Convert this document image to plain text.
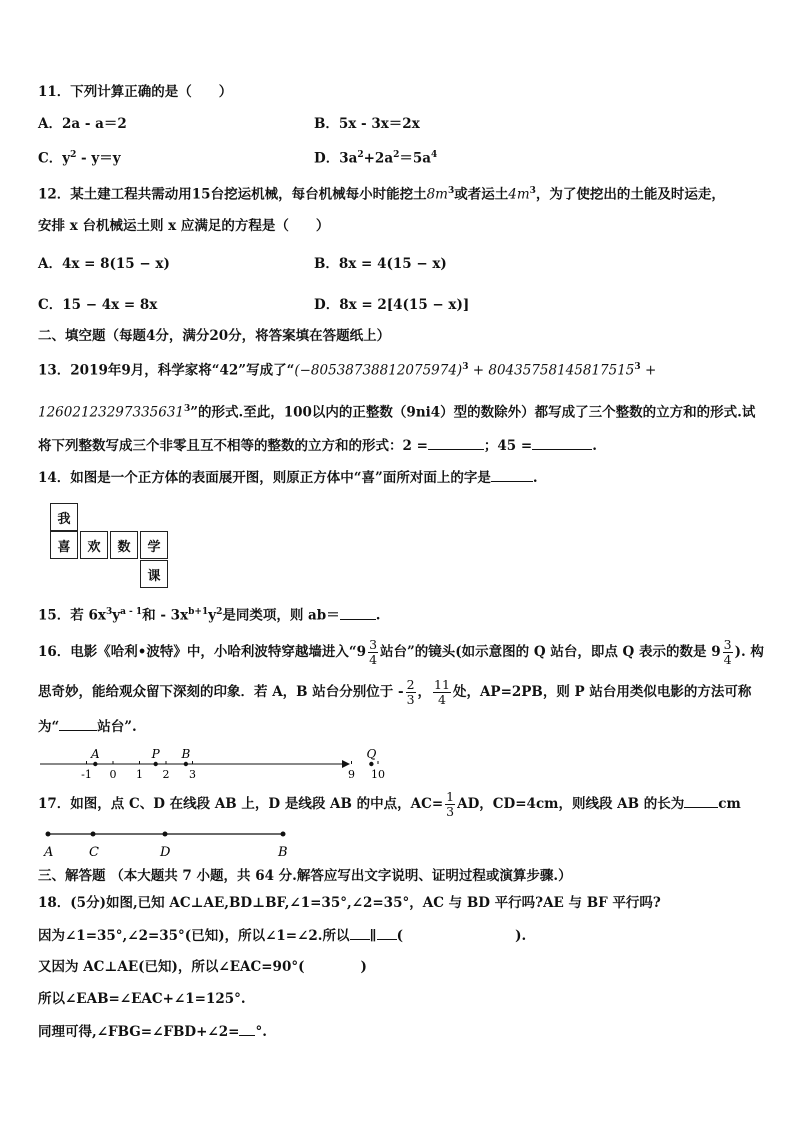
11．下列计算正确的是（　　）
A．2a - a＝2	B．5x - 3x＝2x
C．$y^2 - y=y$	D．$3a^2+2a^2=5a^4$
12．某土建工程共需动用15台挖运机械，每台机械每小时能挖土$8m^3$或者运土$4m^3$，为了使挖出的土能及时运走，
安排 x 台机械运土则 x 应满足的方程是（　　）
A．4x = 8(15 − x)	B．8x = 4(15 − x)
C．15 − 4x = 8x	D．8x = 2[4(15 − x)]
二、填空题（每题4分，满分20分，将答案填在答题纸上）
13．2019年9月，科学家将“42”写成了“$(-80538738812075974)^3 + 80435758145817515^3$ +
$12602123297335631^3$”的形式.至此，100以内的正整数（9ni4）型的数除外）都写成了三个整数的立方和的形式.试
将下列整数写成三个非零且互不相等的整数的立方和的形式：2 =	；45 =	.
14．如图是一个正方体的表面展开图，则原正方体中“喜”面所对面上的字是	.
我
喜	欢	数	学
课
15．若 $6x^3y^{a - 1}$和 - $3x^{b+1}y^2$是同类项，则 ab＝	.
16．电影《哈利•波特》中，小哈利波特穿越墙进入“$9 \frac{3}{4}$ 站台”的镜头(如示意图的 Q 站台，即点 Q 表示的数是 $9 \frac{3}{4}$ ). 构
思奇妙，能给观众留下深刻的印象．若 A，B 站台分别位于 - $\frac{2}{3}$ ， $\frac{11}{4}$ 处，AP=2PB，则 P 站台用类似电影的方法可称
为“	站台”.
-1 0 1 2 3	9 10
A	P B	Q
17．如图，点 C、D 在线段 AB 上，D 是线段 AB 的中点，$AC= \frac{1}{3}$ AD，CD=4cm，则线段 AB 的长为	cm
A	C	D	B
三、解答题 （本大题共 7 小题，共 64 分.解答应写出文字说明、证明过程或演算步骤.）
18．(5分)如图,已知 AC⊥AE,BD⊥BF,∠1=35°,∠2=35°，AC 与 BD 平行吗?AE 与 BF 平行吗?
因为∠1=35°,∠2=35°(已知)，所以∠1=∠2.所以 ∥ (	).
又因为 AC⊥AE(已知)，所以∠EAC=90°(	)
所以∠EAB=∠EAC+∠1=125°.
同理可得,∠FBG=∠FBD+∠2= °.
